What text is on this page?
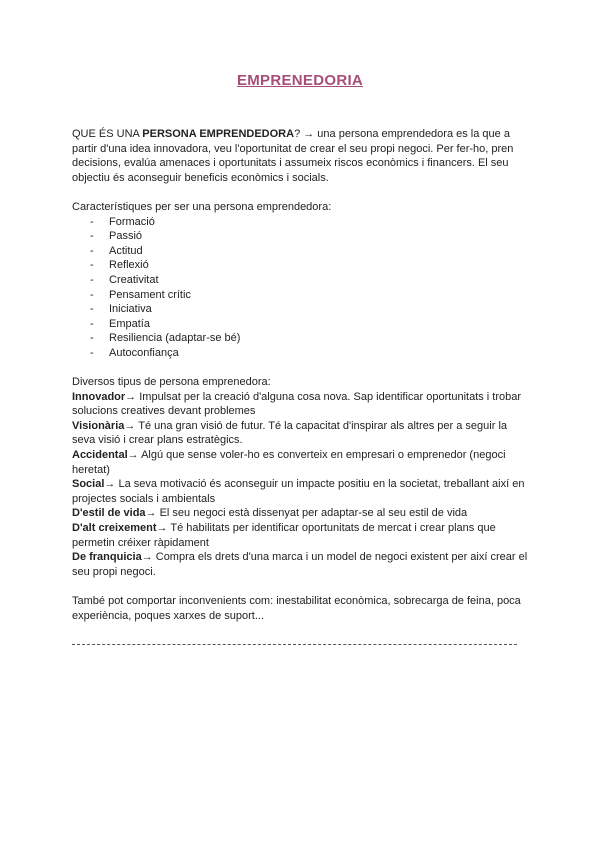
EMPRENEDORIA

QUE ÉS UNA PERSONA EMPRENDEDORA? → una persona emprendedora es la que a partir d'una idea innovadora, veu l'oportunitat de crear el seu propi negoci. Per fer-ho, pren decisions, evalúa amenaces i oportunitats i assumeix riscos econòmics i financers. El seu objectiu és aconseguir beneficis econòmics i socials.

Característiques per ser una persona emprendedora:

-	Formació
-	Passió
-	Actitud
-	Reflexió
-	Creativitat
-	Pensament crític
-	Iniciativa
-	Empatía
-	Resiliencia (adaptar-se bé)
-	Autoconfiança

Diversos tipus de persona emprenedora:

Innovador→ Impulsat per la creació d'alguna cosa nova. Sap identificar oportunitats i trobar solucions creatives devant problemes

Visionària→ Té una gran visió de futur. Té la capacitat d'inspirar als altres per a seguir la seva visió i crear plans estratègics.

Accidental→ Algú que sense voler-ho es converteix en empresari o emprenedor (negoci heretat)

Social→ La seva motivació és aconseguir un impacte positiu en la societat, treballant així en projectes socials i ambientals

D'estil de vida→ El seu negoci està dissenyat per adaptar-se al seu estil de vida

D'alt creixement→ Té habilitats per identificar oportunitats de mercat i crear plans que permetin créixer ràpidament

De franquicia→ Compra els drets d'una marca i un model de negoci existent per així crear el seu propi negoci.

També pot comportar inconvenients com: inestabilitat econòmica, sobrecarga de feina, poca experiència, poques xarxes de suport...
